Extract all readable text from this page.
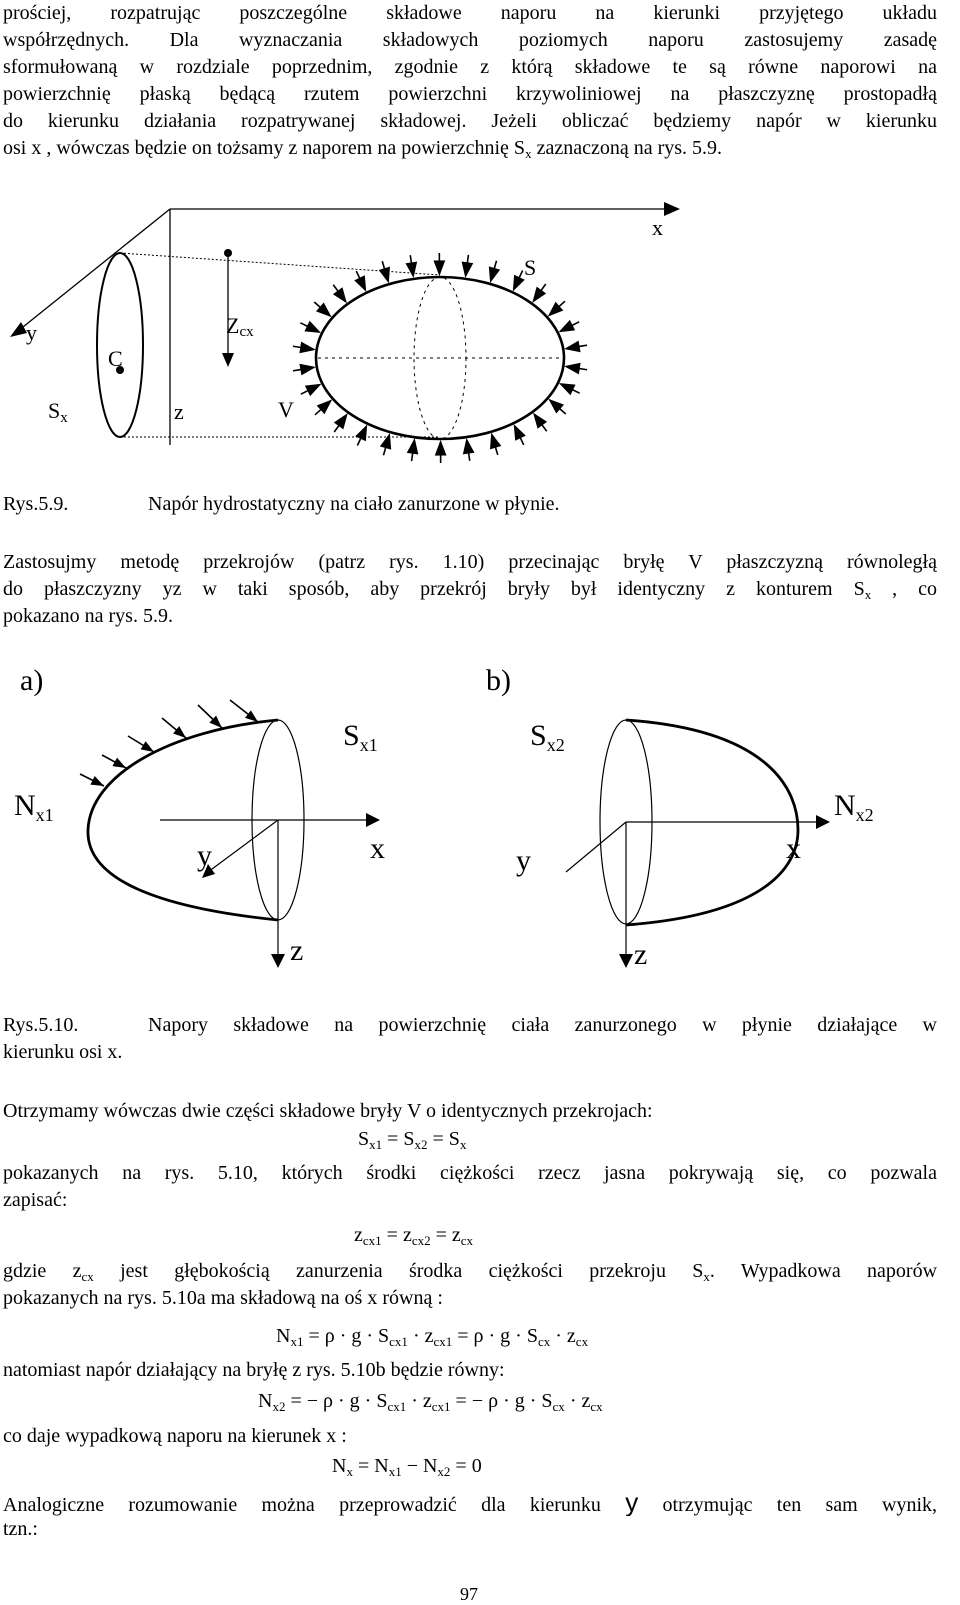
prościej, rozpatrując poszczególne składowe naporu na kierunki przyjętego układu
współrzędnych. Dla wyznaczania składowych poziomych naporu zastosujemy zasadę
sformułowaną w rozdziale poprzednim, zgodnie z którą składowe te są równe naporowi na
powierzchnię płaską będącą rzutem powierzchni krzywoliniowej na płaszczyznę prostopadłą
do kierunku działania rozpatrywanej składowej. Jeżeli obliczać będziemy napór w kierunku
osi x , wówczas będzie on tożsamy z naporem na powierzchnię $S_x$ zaznaczoną na rys. 5.9.
x
S
y
C
Zcx
Sx	z	V
Rys.5.9.	Napór hydrostatyczny na ciało zanurzone w płynie.
Zastosujmy metodę przekrojów (patrz rys. 1.10) przecinając bryłę V płaszczyzną równoległą
do płaszczyzny yz w taki sposób, aby przekrój bryły był identyczny z konturem $S_x$ , co
pokazano na rys. 5.9.
a)	b)
$S_{x1}$
$N_{x1}$
y	x
z
$S_{x2}$
$N_{x2}$
y	x
z
Rys.5.10.	Napory składowe na powierzchnię ciała zanurzonego w płynie działające w
kierunku osi x.
Otrzymamy wówczas dwie części składowe bryły V o identycznych przekrojach:
$S_{x1} = S_{x2} = S_x$
pokazanych na rys. 5.10, których środki ciężkości rzecz jasna pokrywają się, co pozwala
zapisać:
$z_{cx1} = z_{cx2} = z_{cx}$
gdzie $z_{cx}$ jest głębokością zanurzenia środka ciężkości przekroju $S_x$. Wypadkowa naporów
pokazanych na rys. 5.10a ma składową na oś x równą :
$N_{x1} = \rho \cdot g \cdot S_{cx1} \cdot z_{cx1} = \rho \cdot g \cdot S_{cx} \cdot z_{cx}$
natomiast napór działający na bryłę z rys. 5.10b będzie równy:
$N_{x2}$ = − $\rho \cdot g \cdot S_{cx1} \cdot z_{cx1}$ = − $\rho \cdot g \cdot S_{cx} \cdot z_{cx}$
co daje wypadkową naporu na kierunek x :
$N_x = N_{x1} - N_{x2} = 0$
Analogiczne rozumowanie można przeprowadzić dla kierunku y otrzymując ten sam wynik,
tzn.:
97
